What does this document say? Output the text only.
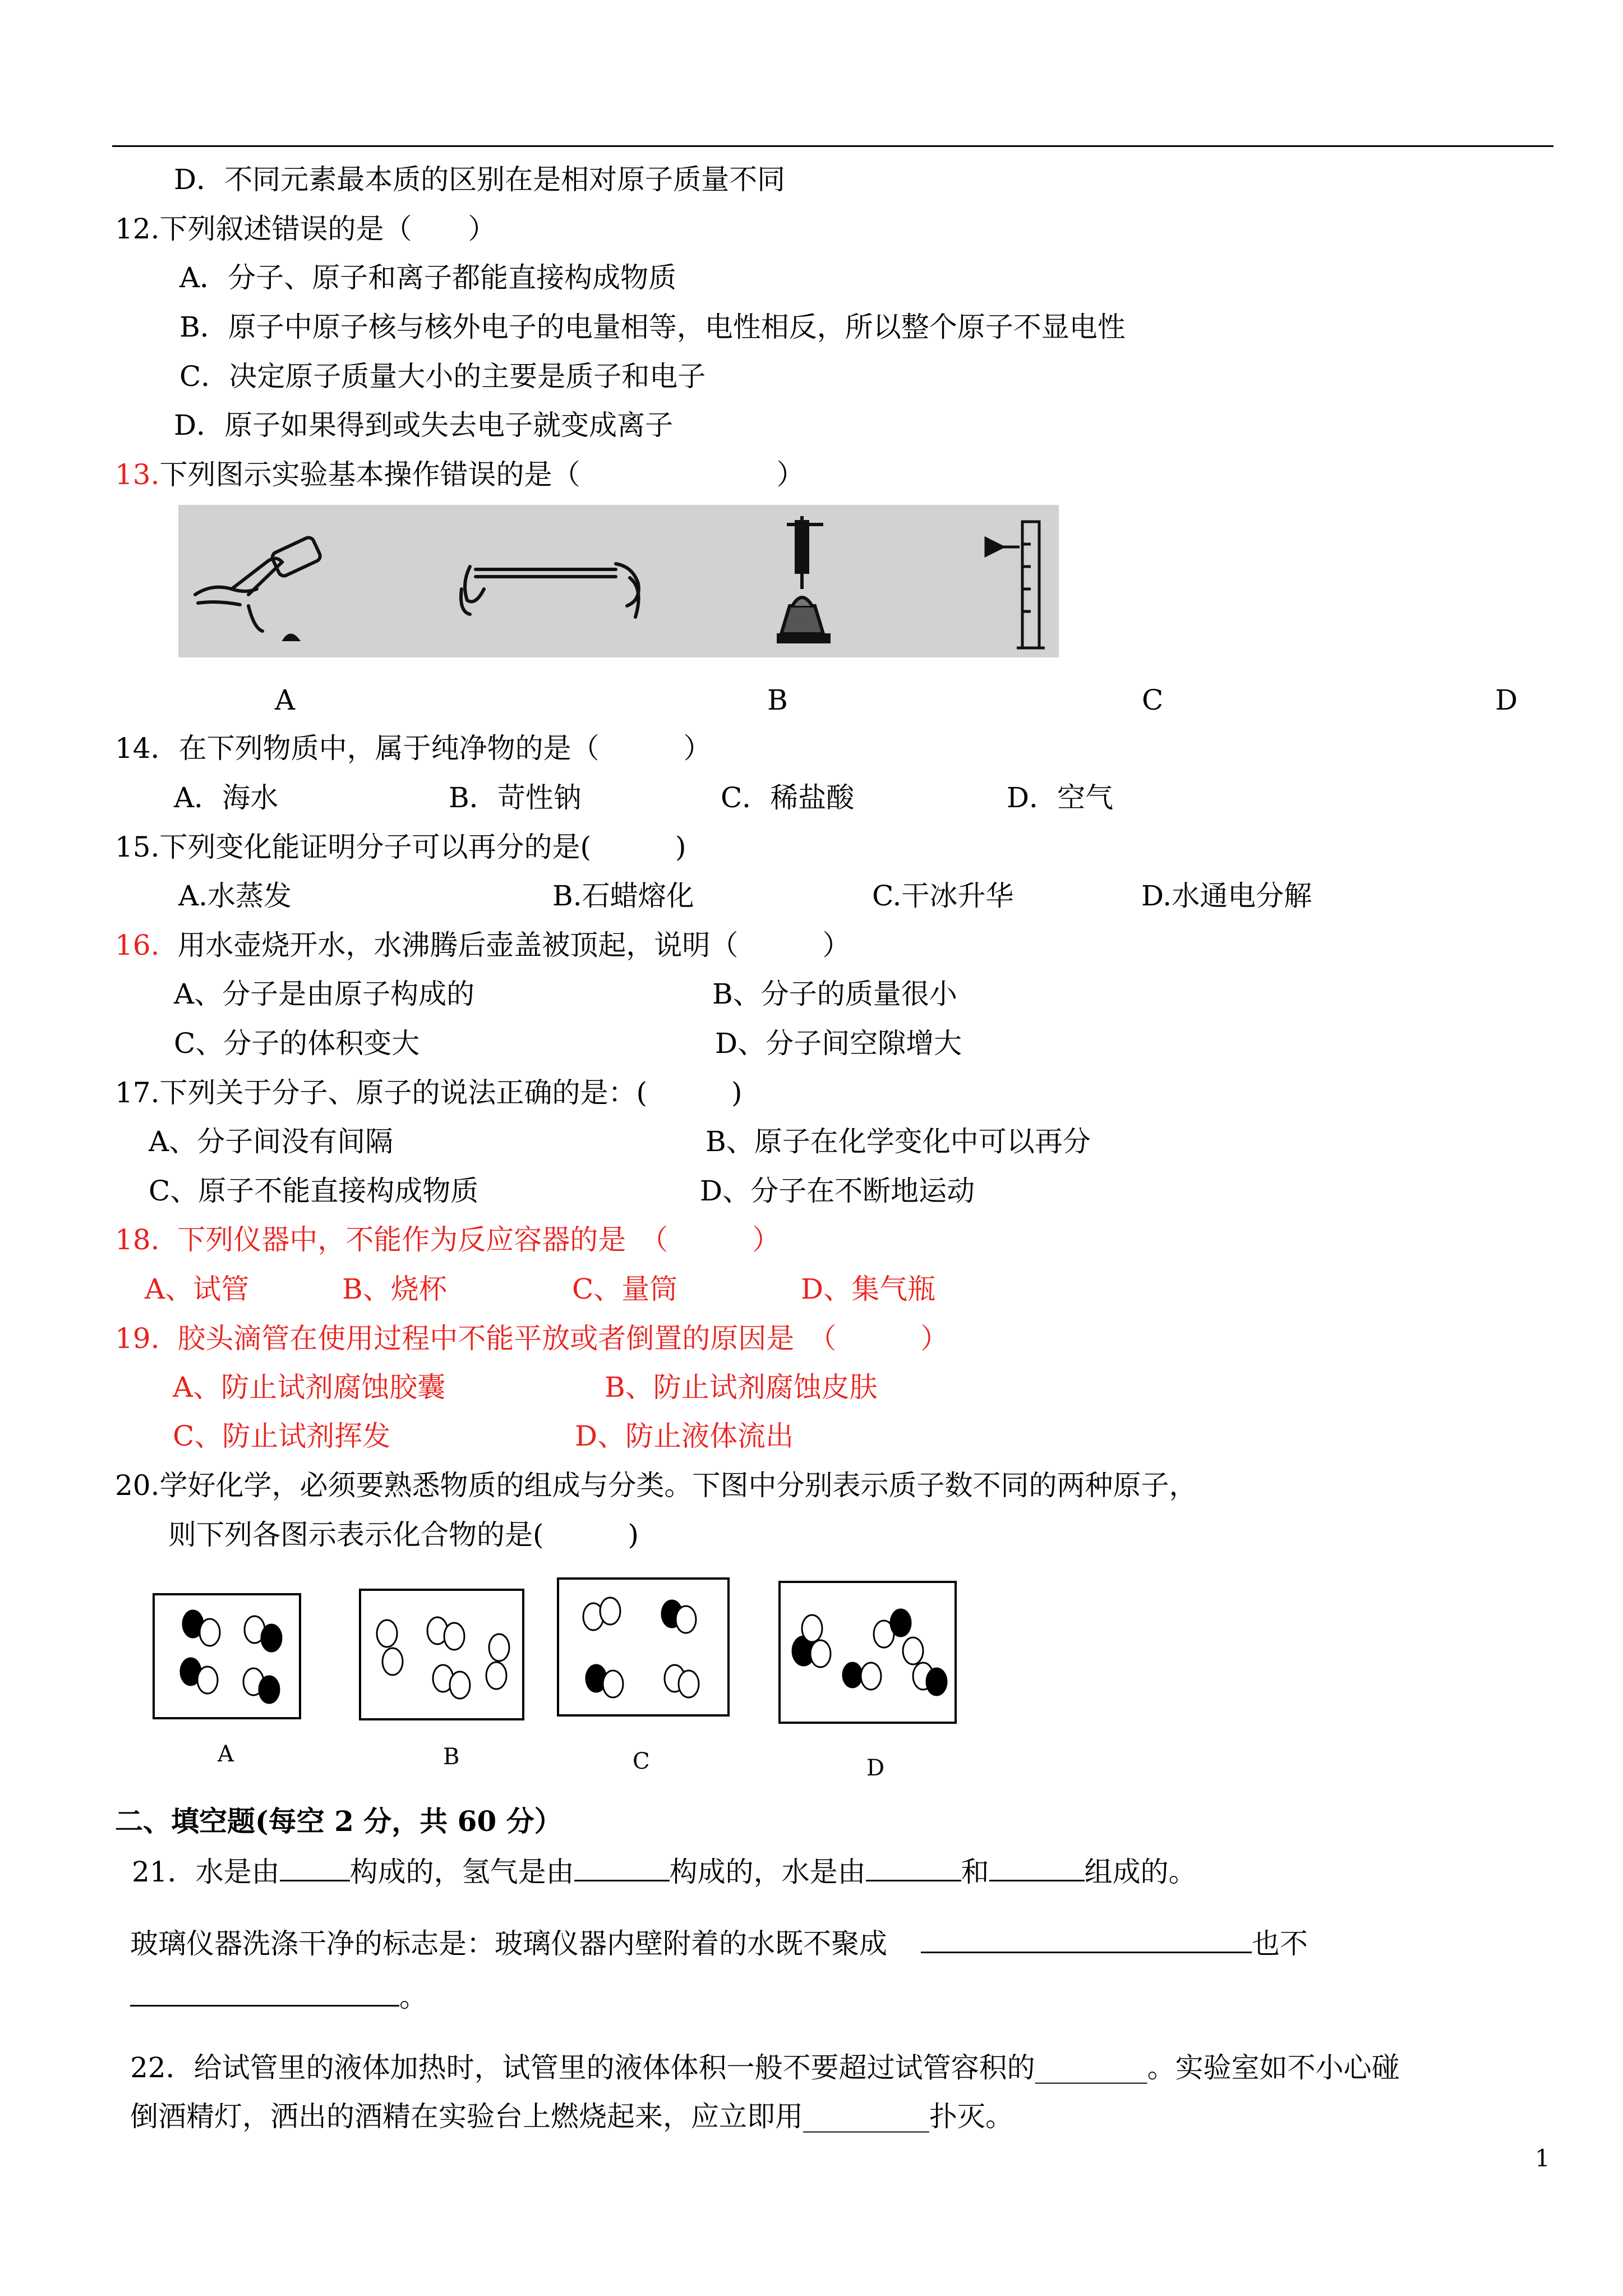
D．不同元素最本质的区别在是相对原子质量不同
12.下列叙述错误的是（　　）
A．分子、原子和离子都能直接构成物质
B．原子中原子核与核外电子的电量相等，电性相反，所以整个原子不显电性
C．决定原子质量大小的主要是质子和电子
D．原子如果得到或失去电子就变成离子
13.下列图示实验基本操作错误的是（　　　　　　　）
A	B	C	D
14．在下列物质中，属于纯净物的是（　　　）
A．海水	B．苛性钠	C．稀盐酸	D．空气
15.下列变化能证明分子可以再分的是(　　　)
A.水蒸发	B.石蜡熔化	C.干冰升华	D.水通电分解
16. 用水壶烧开水，水沸腾后壶盖被顶起，说明（　　　）
A、分子是由原子构成的	B、分子的质量很小
C、分子的体积变大	D、分子间空隙增大
17.下列关于分子、原子的说法正确的是：(　　　)
A、分子间没有间隔	B、原子在化学变化中可以再分
C、原子不能直接构成物质	D、分子在不断地运动
18.  下列仪器中，不能作为反应容器的是　（　　　）
A、试管	B、烧杯	C、量筒	D、集气瓶
19.  胶头滴管在使用过程中不能平放或者倒置的原因是　（　　　）
A、防止试剂腐蚀胶囊	B、防止试剂腐蚀皮肤
C、防止试剂挥发	D、防止液体流出
20.学好化学，必须要熟悉物质的组成与分类。下图中分别表示质子数不同的两种原子，
则下列各图示表示化合物的是(　　　)
A	B	C	D
二、填空题(每空 2 分，共 60 分）
21．水是由	构成的，氢气是由	构成的，水是由	和	组成的。
玻璃仪器洗涤干净的标志是：玻璃仪器内壁附着的水既不聚成	也不
。
22．给试管里的液体加热时，试管里的液体体积一般不要超过试管容积的________。实验室如不小心碰
倒酒精灯，洒出的酒精在实验台上燃烧起来，应立即用_________扑灭。
1
